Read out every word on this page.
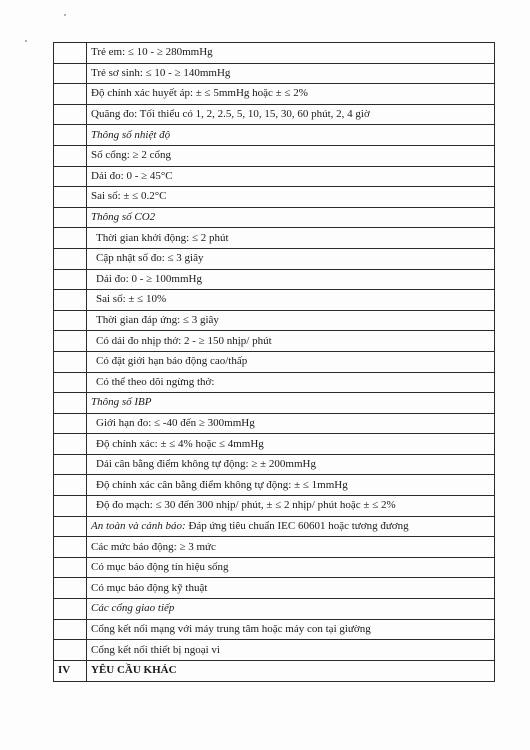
	Trẻ em: ≤ 10 - ≥ 280mmHg
	Trẻ sơ sinh: ≤ 10 - ≥ 140mmHg
	Độ chính xác huyết áp: ± ≤ 5mmHg hoặc ± ≤ 2%
	Quãng đo: Tối thiểu có 1, 2, 2.5, 5, 10, 15, 30, 60 phút, 2, 4 giờ
	Thông số nhiệt độ
	Số cổng: ≥ 2 cổng
	Dải đo: 0 - ≥ 45°C
	Sai số: ± ≤ 0.2°C
	Thông số CO2
	Thời gian khởi động: ≤ 2 phút
	Cập nhật số đo: ≤ 3 giây
	Dải đo: 0 - ≥ 100mmHg
	Sai số: ± ≤ 10%
	Thời gian đáp ứng: ≤ 3 giây
	Có dải đo nhịp thở: 2 - ≥ 150 nhịp/ phút
	Có đặt giới hạn báo động cao/thấp
	Có thể theo dõi ngừng thở:
	Thông số IBP
	Giới hạn đo: ≤ -40 đến ≥ 300mmHg
	Độ chính xác: ± ≤ 4% hoặc ≤ 4mmHg
	Dải cân bằng điểm không tự động: ≥ ± 200mmHg
	Độ chính xác cân bằng điểm không tự động: ± ≤ 1mmHg
	Độ đo mạch: ≤ 30 đến 300 nhịp/ phút, ± ≤ 2 nhịp/ phút hoặc ± ≤ 2%
	An toàn và cảnh báo: Đáp ứng tiêu chuẩn IEC 60601 hoặc tương đương
	Các mức báo động: ≥ 3 mức
	Có mục báo động tín hiệu sống
	Có mục báo động kỹ thuật
	Các cổng giao tiếp
	Cổng kết nối mạng với máy trung tâm hoặc máy con tại giường
	Cổng kết nối thiết bị ngoại vi
IV	YÊU CẦU KHÁC
